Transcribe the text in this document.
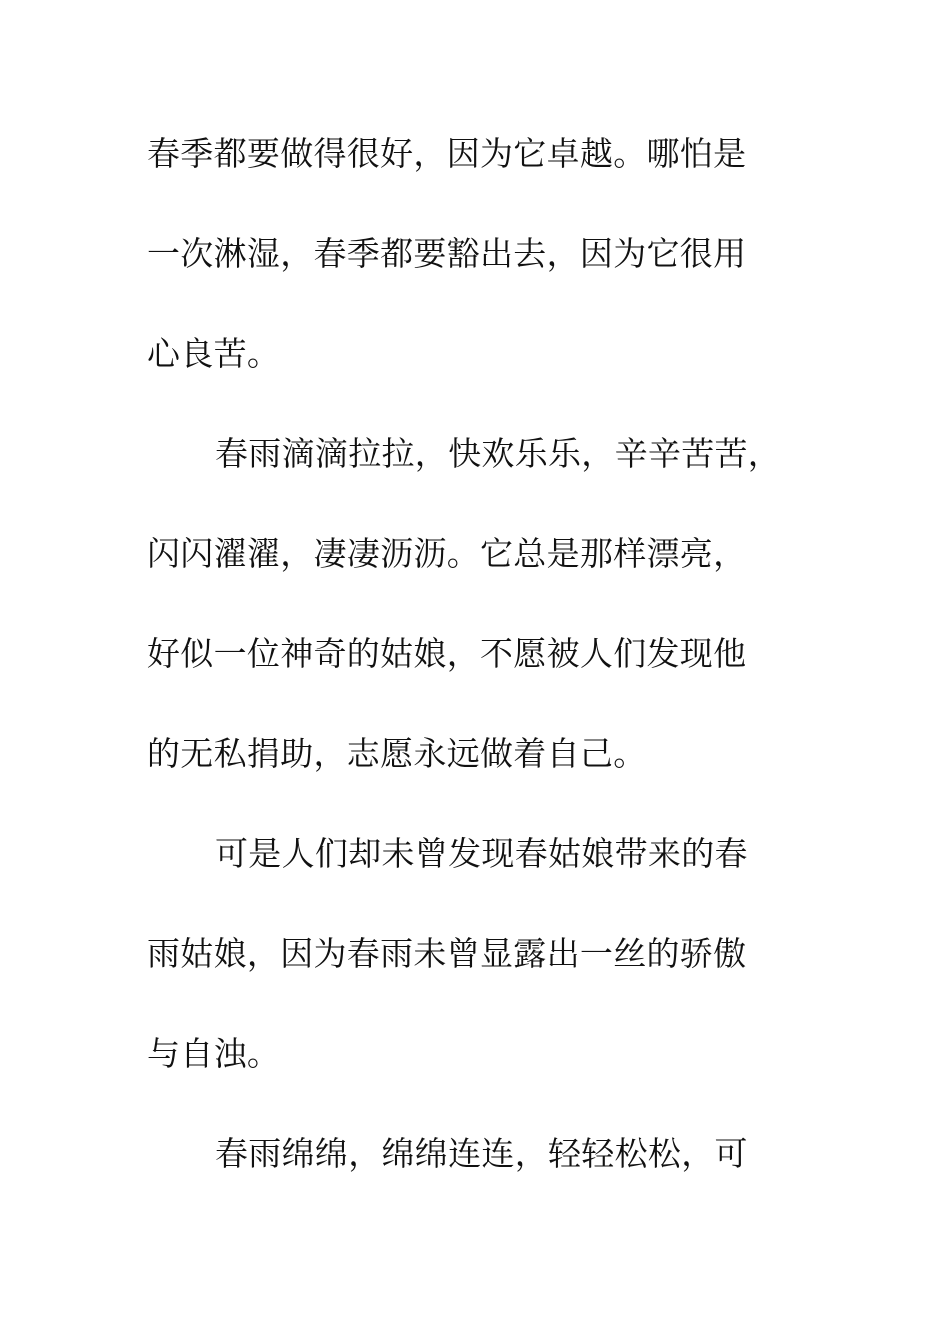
春季都要做得很好，因为它卓越。哪怕是
一次淋湿，春季都要豁出去，因为它很用
心良苦。
春雨滴滴拉拉，快欢乐乐，辛辛苦苦，
闪闪濯濯，凄凄沥沥。它总是那样漂亮，
好似一位神奇的姑娘，不愿被人们发现他
的无私捐助，志愿永远做着自己。
可是人们却未曾发现春姑娘带来的春
雨姑娘，因为春雨未曾显露出一丝的骄傲
与自浊。
春雨绵绵，绵绵连连，轻轻松松，可
